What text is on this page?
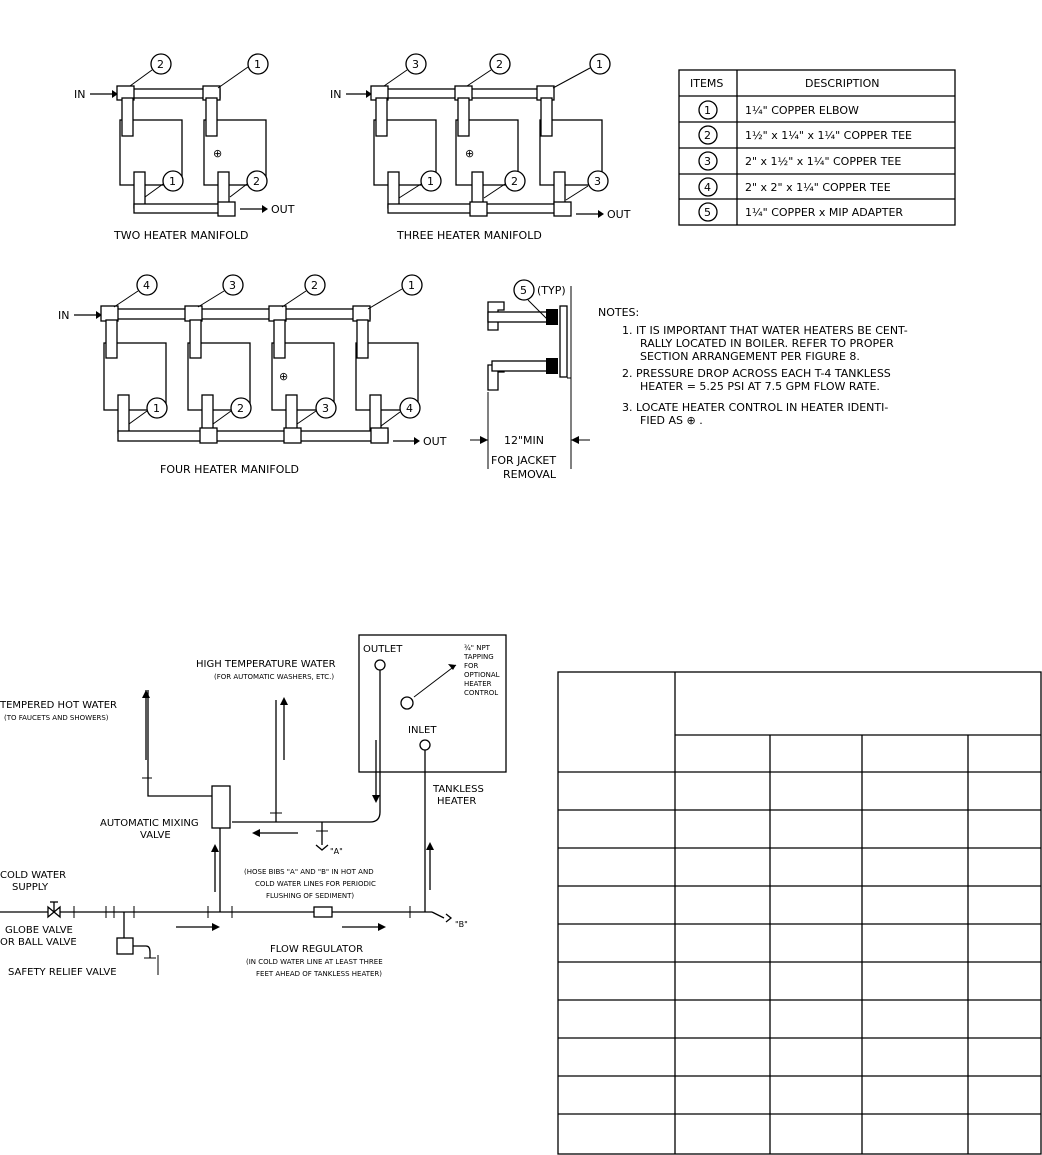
IN
⊕
OUT
2	1
1	2
TWO HEATER MANIFOLD
IN
⊕
OUT
3	2	1
1	2	3
THREE HEATER MANIFOLD
ITEMS	DESCRIPTION
1	1¼" COPPER ELBOW
2	1½" x 1¼" x 1¼" COPPER TEE
3	2" x 1½" x 1¼" COPPER TEE
4	2" x 2" x 1¼" COPPER TEE
5	1¼" COPPER x MIP ADAPTER
IN
⊕
OUT
4	3	2	1
1	2	3	4
FOUR HEATER MANIFOLD
5 (TYP)
12"MIN
FOR JACKET
REMOVAL
NOTES:
1. IT IS IMPORTANT THAT WATER HEATERS BE CENT-
RALLY LOCATED IN BOILER. REFER TO PROPER
SECTION ARRANGEMENT PER FIGURE 8.
2. PRESSURE DROP ACROSS EACH T-4 TANKLESS
HEATER = 5.25 PSI AT 7.5 GPM FLOW RATE.
3. LOCATE HEATER CONTROL IN HEATER IDENTI-
FIED AS ⊕ .
OUTLET
INLET
¾" NPT
TAPPING
FOR
OPTIONAL
HEATER
CONTROL
TANKLESS
HEATER
HIGH TEMPERATURE WATER
(FOR AUTOMATIC WASHERS, ETC.)
TEMPERED HOT WATER
(TO FAUCETS AND SHOWERS)
AUTOMATIC MIXING
VALVE
"A"
(HOSE BIBS "A" AND "B" IN HOT AND
COLD WATER LINES FOR PERIODIC
FLUSHING OF SEDIMENT)
COLD WATER
SUPPLY
GLOBE VALVE
OR BALL VALVE
SAFETY RELIEF VALVE
FLOW REGULATOR
(IN COLD WATER LINE AT LEAST THREE
FEET AHEAD OF TANKLESS HEATER)
"B"
